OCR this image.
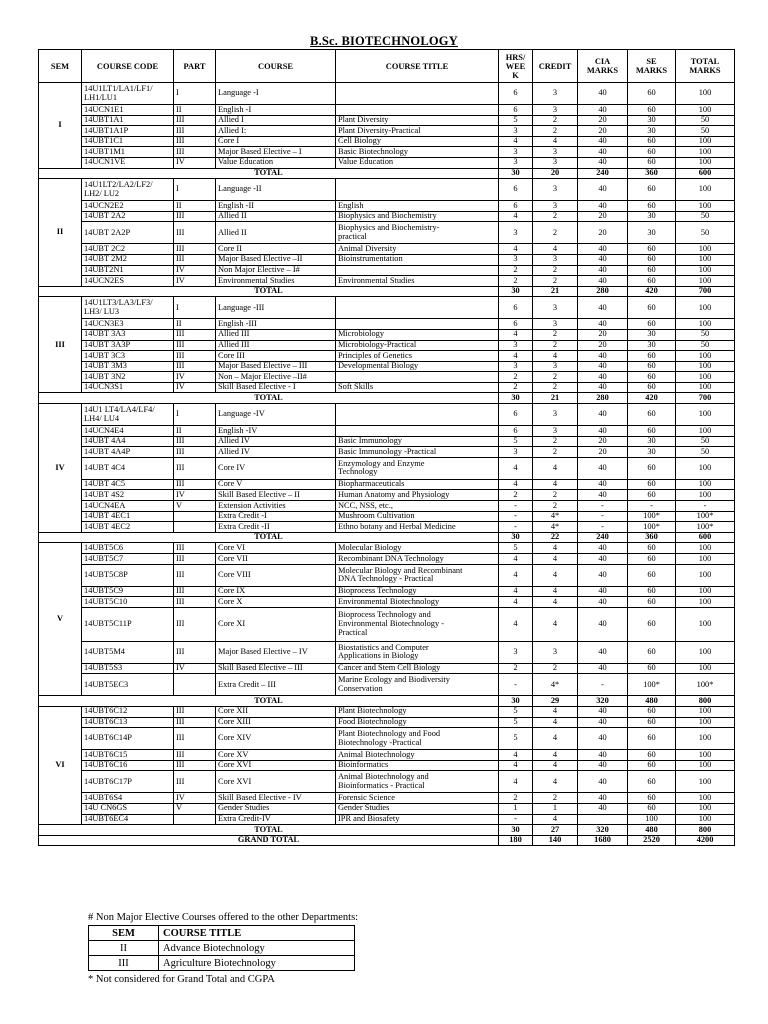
B.Sc. BIOTECHNOLOGY
SEM	COURSE CODE	PART	COURSE	COURSE TITLE	HRS/
WEE
K	CREDIT	CIA
MARKS	SE
MARKS	TOTAL
MARKS
I	14U1LT1/LA1/LF1/
LH1/LU1	I	Language -I		6	3	40	60	100
	14UCN1E1	II	English -I		6	3	40	60	100
	14UBT1A1	III	Allied I	Plant Diversity	5	2	20	30	50
	14UBT1A1P	III	Allied I:	Plant Diversity-Practical	3	2	20	30	50
	14UBT1C1	III	Core I	Cell Biology	4	4	40	60	100
	14UBT1M1	III	Major Based Elective – I	Basic Biotechnology	3	3	40	60	100
	14UCN1VE	IV	Value Education	Value Education	3	3	40	60	100
TOTAL					30	20	240	360	600
II	14U1LT2/LA2/LF2/
LH2/ LU2	I	Language -II		6	3	40	60	100
	14UCN2E2	II	English -II	English	6	3	40	60	100
	14UBT 2A2	III	Allied II	Biophysics and Biochemistry	4	2	20	30	50
	14UBT 2A2P	III	Allied II	Biophysics and Biochemistry-
practical	3	2	20	30	50
	14UBT 2C2	III	Core II	Animal Diversity	4	4	40	60	100
	14UBT 2M2	III	Major Based Elective –II	Bioinstrumentation	3	3	40	60	100
	14UBT2N1	IV	Non Major Elective – I#		2	2	40	60	100
	14UCN2ES	IV	Environmental Studies	Environmental Studies	2	2	40	60	100
TOTAL					30	21	280	420	700
III	14U1LT3/LA3/LF3/
LH3/ LU3	I	Language -III		6	3	40	60	100
	14UCN3E3	II	English -III		6	3	40	60	100
	14UBT 3A3	III	Allied III	Microbiology	4	2	20	30	50
	14UBT 3A3P	III	Allied III	Microbiology-Practical	3	2	20	30	50
	14UBT 3C3	III	Core III	Principles of Genetics	4	4	40	60	100
	14UBT 3M3	III	Major Based Elective – III	Developmental Biology	3	3	40	60	100
	14UBT 3N2	IV	Non – Major Elective –II#		2	2	40	60	100
	14UCN3S1	IV	Skill Based Elective - I	Soft Skills	2	2	40	60	100
TOTAL					30	21	280	420	700
IV	14U1 LT4/LA4/LF4/
LH4/ LU4	I	Language -IV		6	3	40	60	100
	14UCN4E4	II	English -IV		6	3	40	60	100
	14UBT 4A4	III	Allied IV	Basic Immunology	5	2	20	30	50
	14UBT 4A4P	III	Allied IV	Basic Immunology -Practical	3	2	20	30	50
	14UBT 4C4	III	Core IV	Enzymology and Enzyme
Technology	4	4	40	60	100
	14UBT 4C5	III	Core V	Biopharmaceuticals	4	4	40	60	100
	14UBT 4S2	IV	Skill Based Elective – II	Human Anatomy and Physiology	2	2	40	60	100
	14UCN4EA	V	Extension Activities	NCC, NSS, etc.,	-	2	-	-	-
	14UBT 4EC1		Extra Credit -I	Mushroom Cultivation	-	4*	-	100*	100*
	14UBT 4EC2		Extra Credit -II	Ethno botany and Herbal Medicine	-	4*	-	100*	100*
TOTAL					30	22	240	360	600
V	14UBT5C6	III	Core VI	Molecular Biology	5	4	40	60	100
	14UBT5C7	III	Core VII	Recombinant DNA Technology	4	4	40	60	100
	14UBT5C8P	III	Core VIII	Molecular Biology and Recombinant
DNA Technology - Practical	4	4	40	60	100
	14UBT5C9	III	Core IX	Bioprocess Technology	4	4	40	60	100
	14UBT5C10	III	Core X	Environmental Biotechnology	4	4	40	60	100
	14UBT5C11P	III	Core XI	Bioprocess Technology and
Environmental Biotechnology -
Practical	4	4	40	60	100
	14UBT5M4	III	Major Based Elective – IV	Biostatistics and Computer
Applications in Biology	3	3	40	60	100
	14UBT5S3	IV	Skill Based Elective – III	Cancer and Stem Cell Biology	2	2	40	60	100
	14UBT5EC3		Extra Credit – III	Marine Ecology and Biodiversity
Conservation	-	4*	-	100*	100*
TOTAL					30	29	320	480	800
VI	14UBT6C12	III	Core XII	Plant Biotechnology	5	4	40	60	100
	14UBT6C13	III	Core XIII	Food Biotechnology	5	4	40	60	100
	14UBT6C14P	III	Core XIV	Plant Biotechnology and Food
Biotechnology -Practical	5	4	40	60	100
	14UBT6C15	III	Core XV	Animal Biotechnology	4	4	40	60	100
	14UBT6C16	III	Core XVI	Bioinformatics	4	4	40	60	100
	14UBT6C17P	III	Core XVI	Animal Biotechnology and
Bioinformatics - Practical	4	4	40	60	100
	14UBT6S4	IV	Skill Based Elective - IV	Forensic Science	2	2	40	60	100
	14U CN6GS	V	Gender Studies	Gender Studies	1	1	40	60	100
	14UBT6EC4		Extra Credit-IV	IPR and Biosafety	-	4		100	100
TOTAL					30	27	320	480	800
GRAND TOTAL					180	140	1680	2520	4200
# Non Major Elective Courses offered to the other Departments:
SEM	COURSE TITLE
II	Advance Biotechnology
III	Agriculture Biotechnology
* Not considered for Grand Total and CGPA
